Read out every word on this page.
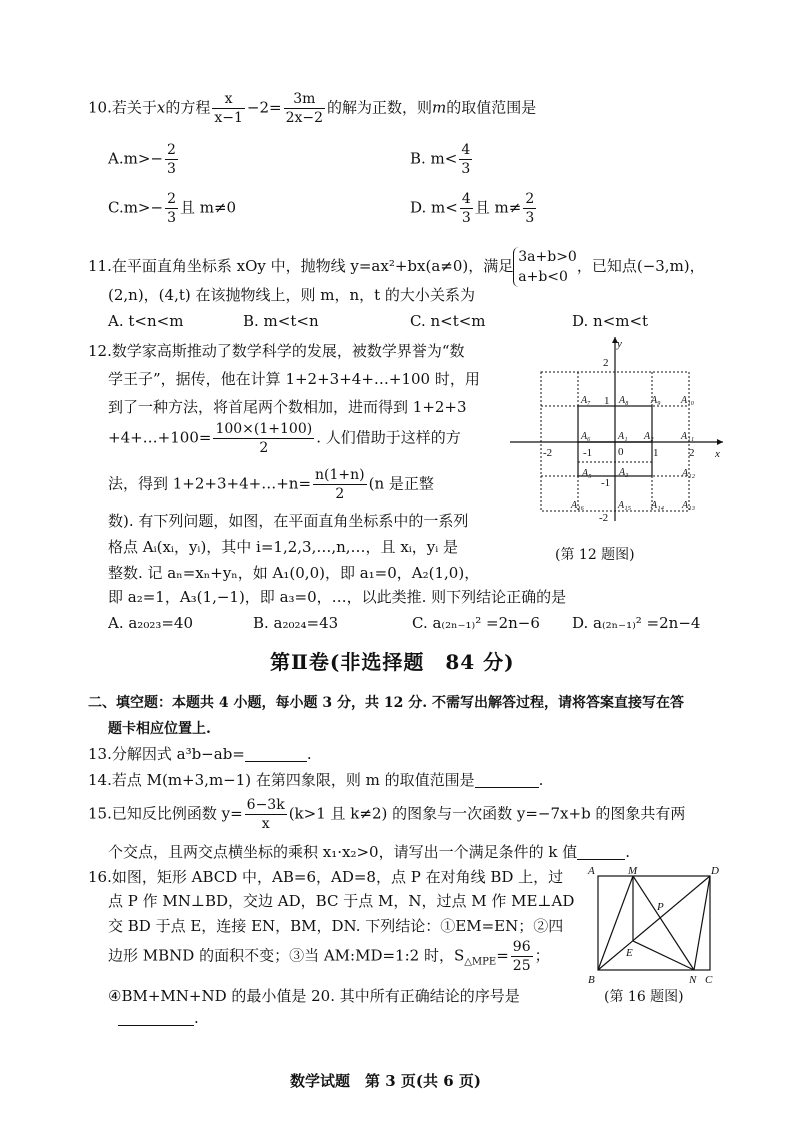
10.若关于x的方程 $\frac{x}{x-1} -2= \frac{3m}{2x-2}$ 的解为正数，则m的取值范围是
$A.m>- \frac{2}{3}$	B. $m< \frac{4}{3}$
$C.m>- \frac{2}{3}$ 且 m≠0	D. $m< \frac{4}{3}$ 且 $m\ne \frac{2}{3}$
11.在平面直角坐标系 xOy 中，抛物线 y=ax²+bx(a≠0)，满足 3a+b>0
a+b<0，已知点(−3,m)，
(2,n)，(4,t) 在该抛物线上，则 m，n，t 的大小关系为
A. t<n<m	B. m<t<n	C. n<t<m	D. n<m<t
12.数学家高斯推动了数学科学的发展，被数学界誉为“数
学王子”，据传，他在计算 1+2+3+4+…+100 时，用
到了一种方法，将首尾两个数相加，进而得到 1+2+3
+4+…+100= $\frac{100\times(1+100)}{2}$ . 人们借助于这样的方
法，得到 1+2+3+4+…+n= $\frac{n(1+n)}{2} (n$ 是正整
数). 有下列问题，如图，在平面直角坐标系中的一系列
格点 Aᵢ(xᵢ，yᵢ)，其中 i=1,2,3,…,n,…，且 xᵢ，yᵢ 是
整数. 记 aₙ=xₙ+yₙ，如 A₁(0,0)，即 a₁=0，A₂(1,0)，
即 a₂=1，A₃(1,−1)，即 a₃=0，…，以此类推. 则下列结论正确的是
A. a₂₀₂₃=40	B. a₂₀₂₄=43	C. a₍₂ₙ₋₁₎² =2n−6 D. a₍₂ₙ₋₁₎² =2n−4
y
x
0
-2	-1	1	2
2
1
-1
-2
A₁ A₂
A₃
A₅
A₆
A₇	A₈ A₉ A₁₀
A₁₁
A₁₂
A₁₃
A₁₄
A₁₅
A₁₆
(第 12 题图)
第Ⅱ卷(非选择题　84 分)
二、填空题：本题共 4 小题，每小题 3 分，共 12 分. 不需写出解答过程，请将答案直接写在答
题卡相应位置上.
13.分解因式 a³b−ab=	.
14.若点 M(m+3,m−1) 在第四象限，则 m 的取值范围是	.
15.已知反比例函数 $y= \frac{6-3k}{x} (k>1$ 且 k≠2) 的图象与一次函数 y=−7x+b 的图象共有两
个交点，且两交点横坐标的乘积 x₁·x₂>0，请写出一个满足条件的 k 值	.
16.如图，矩形 ABCD 中，AB=6，AD=8，点 P 在对角线 BD 上，过
点 P 作 MN⊥BD，交边 AD，BC 于点 M，N，过点 M 作 ME⊥AD
交 BD 于点 E，连接 EN，BM，DN. 下列结论：①EM=EN；②四
边形 MBND 的面积不变；③当 AM:MD=1:2 时，$S_{\triangle MPE}= \frac{96}{25}$ ；
④BM+MN+ND 的最小值是 20. 其中所有正确结论的序号是
.
A	M	D
P
E
B	N C
(第 16 题图)
数学试题　第 3 页(共 6 页)
